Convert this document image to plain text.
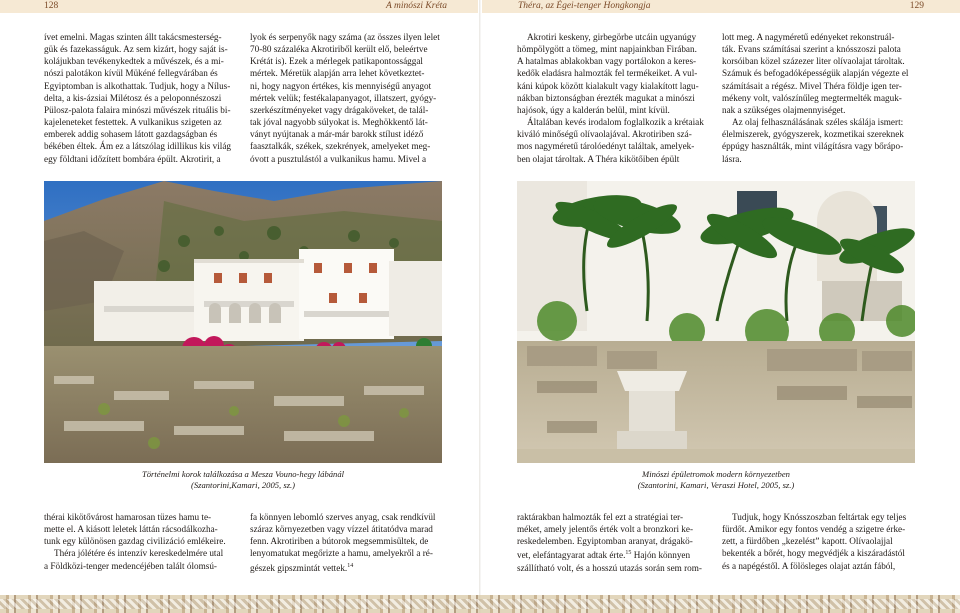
128	A minószi Kréta	Théra, az Égei-tenger Hongkongja	129

ívet emelni. Magas szinten állt takácsmesterség-

gük és fazekasságuk. Az sem kizárt, hogy saját is-

kolájukban tevékenykedtek a művészek, és a mi-

nószi palotákon kívül Mükéné fellegvárában és

Egyiptomban is alkothattak. Tudjuk, hogy a Nílus-

delta, a kis-ázsiai Milétosz és a peloponnészoszi

Pülosz-palota falaira minószi művészek rituális bi-

kajeleneteket festettek. A vulkanikus szigeten az

emberek addig sohasem látott gazdagságban és

békében éltek. Ám ez a látszólag idillikus kis világ

egy földtani időzített bombára épült. Akrotirit, a

lyok és serpenyők nagy száma (az összes ilyen lelet

70-80 százaléka Akrotiriből került elő, beleértve

Krétát is). Ezek a mérlegek patikapontossággal

mértek. Méretük alapján arra lehet következtet-

ni, hogy nagyon értékes, kis mennyiségű anyagot

mértek velük; festékalapanyagot, illatszert, gyógy-

szerkészítményeket vagy drágaköveket, de talál-

tak jóval nagyobb súlyokat is. Meghökkentő lát-

ványt nyújtanak a már-már barokk stílust idéző

faasztalkák, székek, szekrények, amelyeket meg-

óvott a pusztulástól a vulkanikus hamu. Mivel a

Akrotiri keskeny, girbegörbe utcáin ugyanúgy

hömpölygött a tömeg, mint napjainkban Firában.

A hatalmas ablakokban vagy portálokon a keres-

kedők eladásra halmozták fel termékeiket. A vul-

káni kúpok között kialakult vagy kialakított lagu-

nákban biztonságban érezték magukat a minószi

hajósok, úgy a kalderán belül, mint kívül.

Általában kevés irodalom foglalkozik a krétaiak

kiváló minőségű olívaolajával. Akrotiriben szá-

mos nagyméretű tárolóedényt találtak, amelyek-

ben olajat tároltak. A Théra kikötőiben épült

lott meg. A nagyméretű edényeket rekonstruál-

ták. Evans számításai szerint a knósszoszi palota

korsóiban közel százezer liter olívaolajat tároltak.

Számuk és befogadóképességük alapján végezte el

számításait a régész. Mivel Théra földje igen ter-

mékeny volt, valószínűleg megtermelték maguk-

nak a szükséges olajmennyiséget.

Az olaj felhasználásának széles skálája ismert:

élelmiszerek, gyógyszerek, kozmetikai szereknek

éppúgy használták, mint világításra vagy bőrápo-

lásra.

Történelmi korok találkozása a Mesza Vouno-hegy lábánál
(Szantorini,Kamari, 2005, sz.)
Minószi épületromok modern környezetben
(Szantorini, Kamari, Veraszi Hotel, 2005, sz.)

thérai kikötővárost hamarosan tüzes hamu te-

mette el. A kiásott leletek láttán rácsodálkozha-

tunk egy különösen gazdag civilizáció emlékeire.

Théra jólétére és intenzív kereskedelmére utal

a Földközi-tenger medencéjében talált ólomsú-

fa könnyen lebomló szerves anyag, csak rendkívül

száraz környezetben vagy vízzel átitatódva marad

fenn. Akrotiriben a bútorok megsemmisültek, de

lenyomatukat megőrizte a hamu, amelyekről a ré-

gészek gipszmintát vettek.$^{14}$

raktárakban halmozták fel ezt a stratégiai ter-

méket, amely jelentős érték volt a bronzkori ke-

reskedelemben. Egyiptomban aranyat, drágakö-

vet, elefántagyarat adtak érte.$^{15}$ Hajón könnyen

szállítható volt, és a hosszú utazás során sem rom-

Tudjuk, hogy Knósszoszban feltártak egy teljes

fürdőt. Amikor egy fontos vendég a szigetre érke-

zett, a fürdőben „kezelést” kapott. Olívaolajjal

bekenték a bőrét, hogy megvédjék a kiszáradástól

és a napégéstől. A fölösleges olajat aztán fából,
